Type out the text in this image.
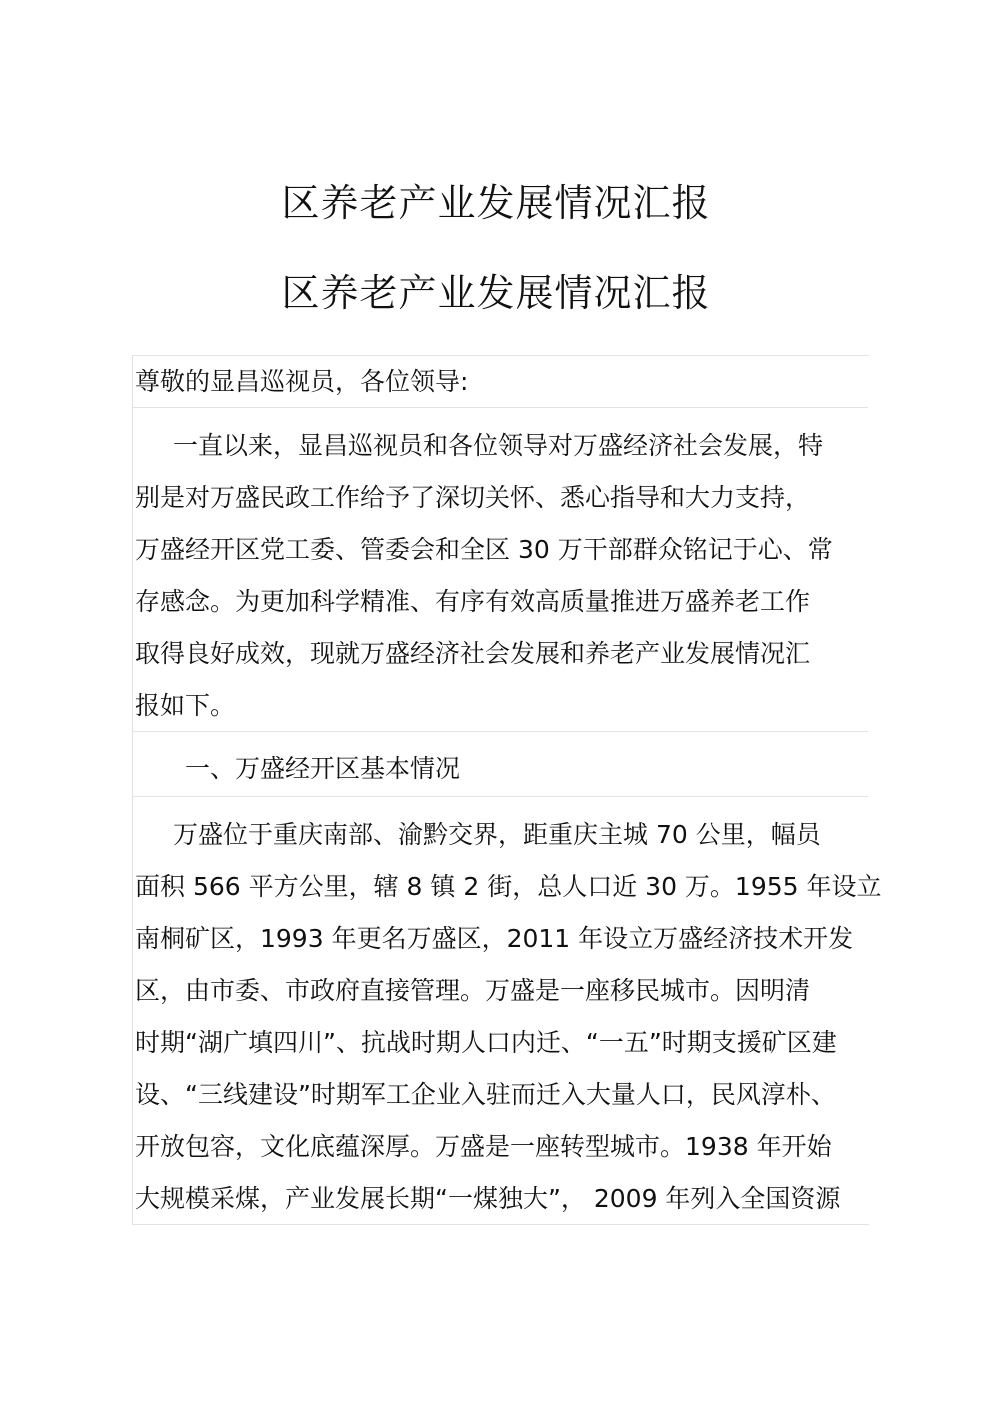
区养老产业发展情况汇报
区养老产业发展情况汇报

尊敬的显昌巡视员，各位领导:

一直以来，显昌巡视员和各位领导对万盛经济社会发展，特
别是对万盛民政工作给予了深切关怀、悉心指导和大力支持，
万盛经开区党工委、管委会和全区 30 万干部群众铭记于心、常
存感念。为更加科学精准、有序有效高质量推进万盛养老工作
取得良好成效，现就万盛经济社会发展和养老产业发展情况汇
报如下。

一、万盛经开区基本情况

万盛位于重庆南部、渝黔交界，距重庆主城 70 公里，幅员
面积 566 平方公里，辖 8 镇 2 街，总人口近 30 万。1955 年设立
南桐矿区，1993 年更名万盛区，2011 年设立万盛经济技术开发
区，由市委、市政府直接管理。万盛是一座移民城市。因明清
时期“湖广填四川”、抗战时期人口内迁、“一五”时期支援矿区建
设、“三线建设”时期军工企业入驻而迁入大量人口，民风淳朴、
开放包容，文化底蕴深厚。万盛是一座转型城市。1938 年开始
大规模采煤，产业发展长期“一煤独大”， 2009 年列入全国资源
